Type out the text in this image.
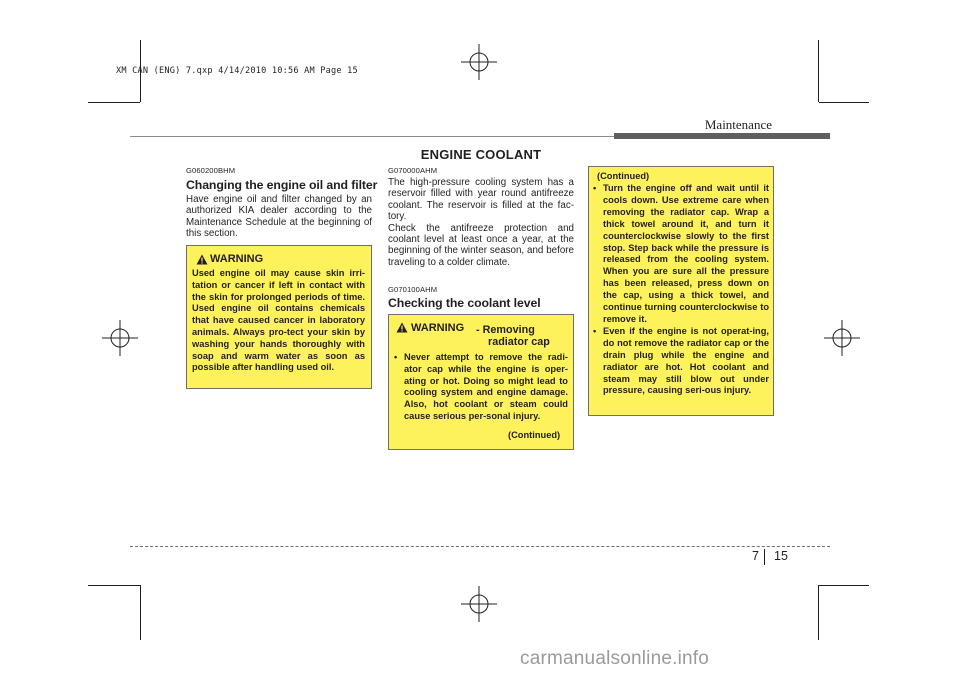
XM CAN (ENG) 7.qxp 4/14/2010 10:56 AM Page 15
Maintenance
ENGINE COOLANT
G060200BHM
Changing the engine oil and filter

Have engine oil and filter changed by an authorized KIA dealer according to the Maintenance Schedule at the beginning of this section.

WARNING

Used engine oil may cause skin irri-tation or cancer if left in contact with the skin for prolonged periods of time. Used engine oil contains chemicals that have caused cancer in laboratory animals. Always pro-tect your skin by washing your hands thoroughly with soap and warm water as soon as possible after handling used oil.

G070000AHM

The high-pressure cooling system has a reservoir filled with year round antifreeze coolant. The reservoir is filled at the fac-tory.

Check the antifreeze protection and coolant level at least once a year, at the beginning of the winter season, and before traveling to a colder climate.

G070100AHM
Checking the coolant level
WARNING - Removing
radiator cap
• Never attempt to remove the radi-ator cap while the engine is oper-ating or hot. Doing so might lead to cooling system and engine damage. Also, hot coolant or steam could cause serious per-sonal injury.
(Continued)
(Continued)
• Turn the engine off and wait until it cools down. Use extreme care when removing the radiator cap. Wrap a thick towel around it, and turn it counterclockwise slowly to the first stop. Step back while the pressure is released from the cooling system. When you are sure all the pressure has been released, press down on the cap, using a thick towel, and continue turning counterclockwise to remove it.
• Even if the engine is not operat-ing, do not remove the radiator cap or the drain plug while the engine and radiator are hot. Hot coolant and steam may still blow out under pressure, causing seri-ous injury.
7 15
carmanualsonline.info
